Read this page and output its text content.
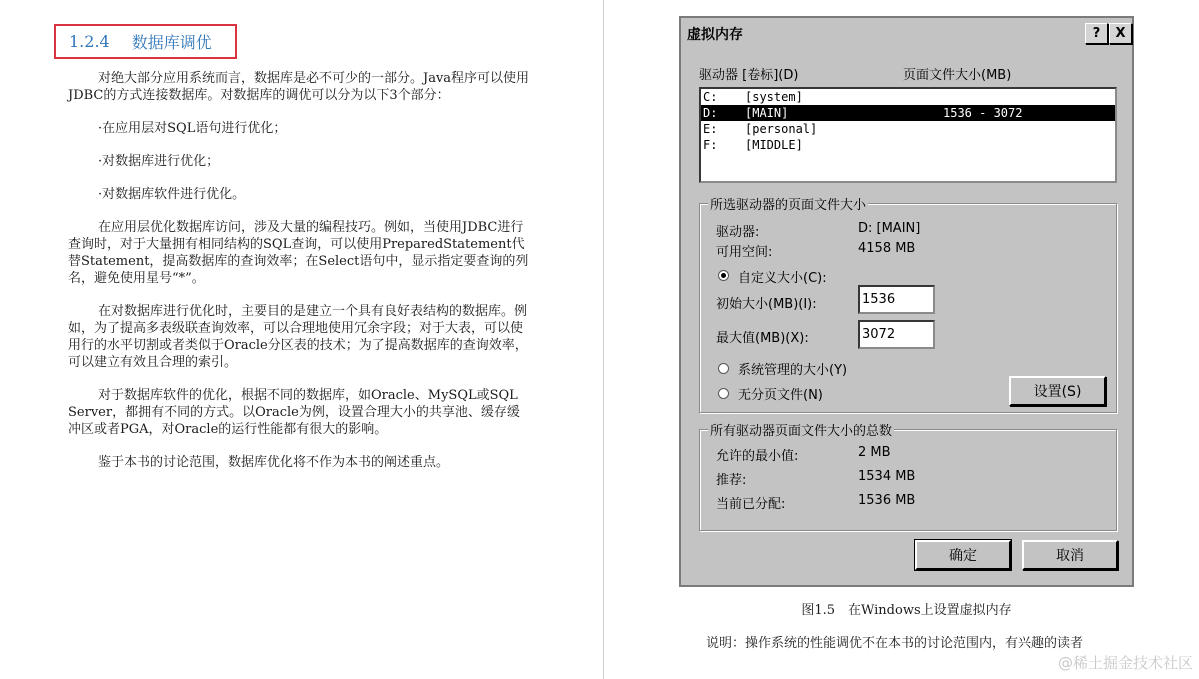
1.2.4 数据库调优

对绝大部分应用系统而言，数据库是必不可少的一部分。Java程序可以使用JDBC的方式连接数据库。对数据库的调优可以分为以下3个部分：

·在应用层对SQL语句进行优化；

·对数据库进行优化；

·对数据库软件进行优化。

在应用层优化数据库访问，涉及大量的编程技巧。例如，当使用JDBC进行查询时，对于大量拥有相同结构的SQL查询，可以使用PreparedStatement代替Statement，提高数据库的查询效率；在Select语句中，显示指定要查询的列名，避免使用星号“*”。

在对数据库进行优化时，主要目的是建立一个具有良好表结构的数据库。例如，为了提高多表级联查询效率，可以合理地使用冗余字段；对于大表，可以使用行的水平切割或者类似于Oracle分区表的技术；为了提高数据库的查询效率，可以建立有效且合理的索引。

对于数据库软件的优化，根据不同的数据库，如Oracle、MySQL或SQL Server，都拥有不同的方式。以Oracle为例，设置合理大小的共享池、缓存缓冲区或者PGA，对Oracle的运行性能都有很大的影响。

鉴于本书的讨论范围，数据库优化将不作为本书的阐述重点。

虚拟内存	?	X
驱动器 [卷标](D)	页面文件大小(MB)
C: [system]
D: [MAIN]	1536 - 3072
E: [personal]
F: [MIDDLE]
所选驱动器的页面文件大小
驱动器:	D: [MAIN]
可用空间:	4158 MB
自定义大小(C):
初始大小(MB)(I):
1536
最大值(MB)(X):
3072
系统管理的大小(Y)
无分页文件(N)	设置(S)
所有驱动器页面文件大小的总数
允许的最小值:	2 MB
推荐:	1534 MB
当前已分配:	1536 MB
确定	取消
图1.5　在Windows上设置虚拟内存
说明：操作系统的性能调优不在本书的讨论范围内，有兴趣的读者
@稀土掘金技术社区
